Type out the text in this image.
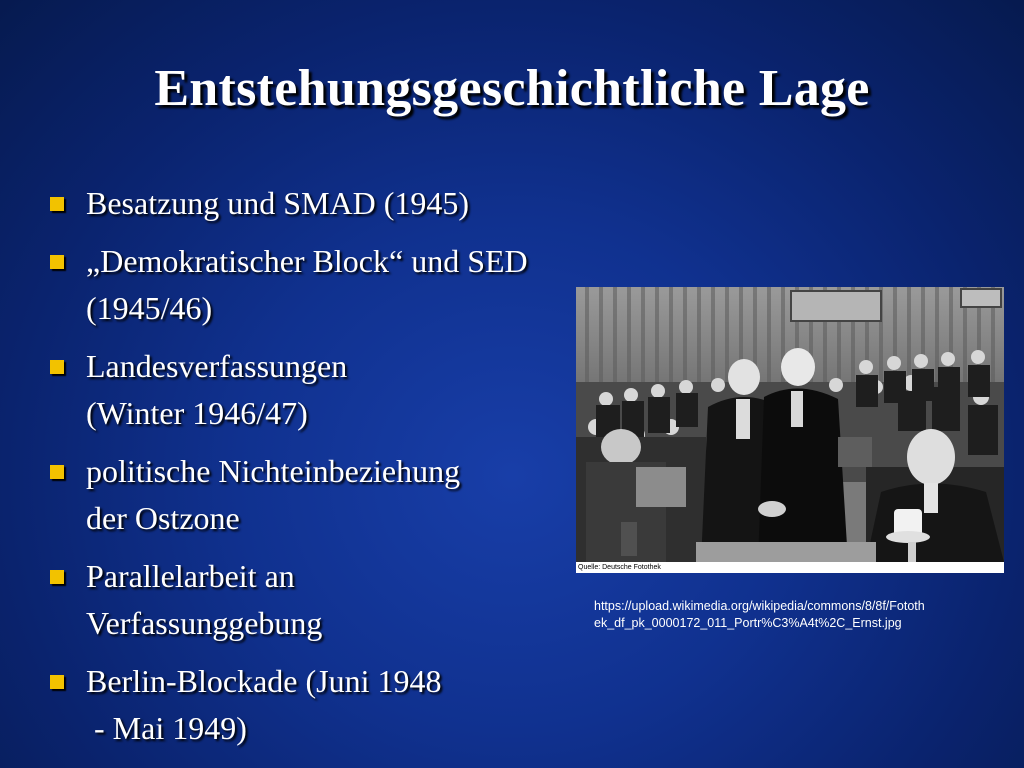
Entstehungsgeschichtliche Lage
Besatzung und SMAD (1945)
„Demokratischer Block“ und SED
(1945/46)
Landesverfassungen
(Winter 1946/47)
politische Nichteinbeziehung
der Ostzone
Parallelarbeit an
Verfassunggebung
Berlin-Blockade (Juni 1948
- Mai 1949)
Quelle: Deutsche Fotothek

https://upload.wikimedia.org/wikipedia/commons/8/8f/Fototh
ek_df_pk_0000172_011_Portr%C3%A4t%2C_Ernst.jpg
